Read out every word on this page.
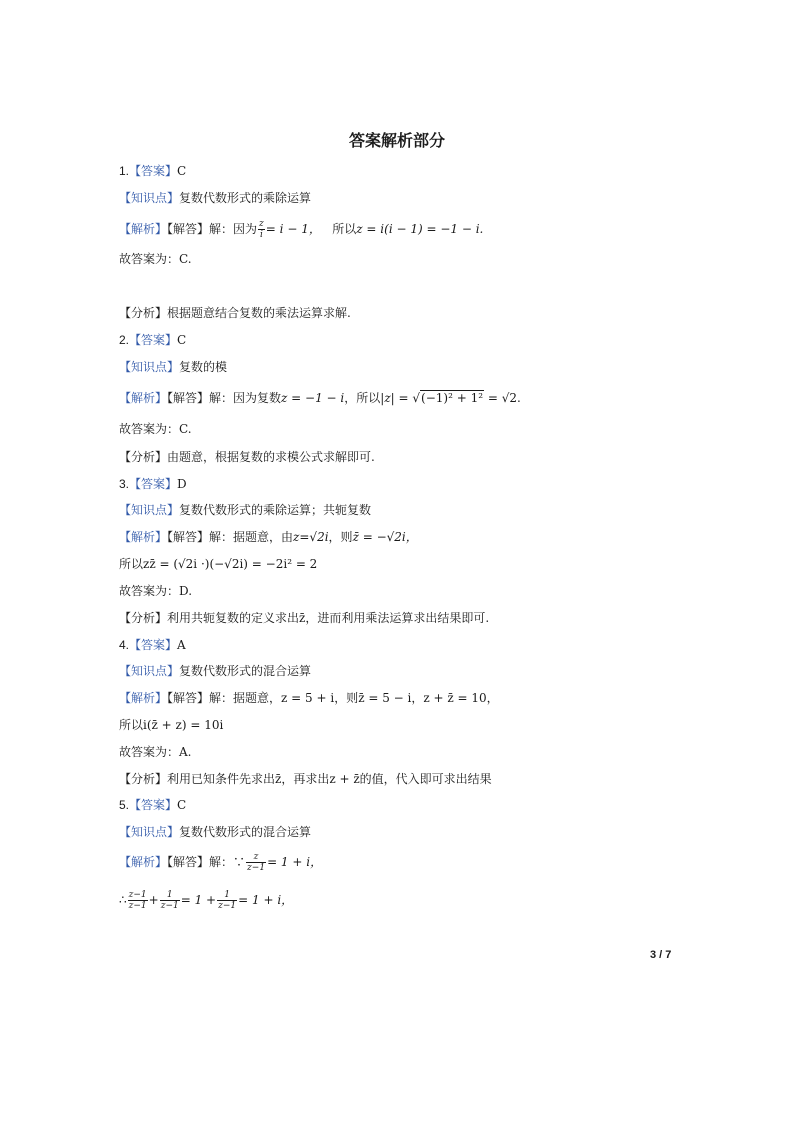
答案解析部分
1.【答案】C
【知识点】复数代数形式的乘除运算
【解析】【解答】解：因为 $\frac{z}{i} = i - 1$， 所以z = i(i − 1) = −1 − i.
故答案为：C.
【分析】根据题意结合复数的乘法运算求解.
2.【答案】C
【知识点】复数的模
【解析】【解答】解：因为复数z = −1 − i，所以|z| = √(−1)² + 1² = √2.
故答案为：C.
【分析】由题意，根据复数的求模公式求解即可.
3.【答案】D
【知识点】复数代数形式的乘除运算；共轭复数
【解析】【解答】解：据题意，由z=√2i，则z̄ = −√2i，
所以zz̄ = (√2i ·)(−√2i) = −2i² = 2
故答案为：D.
【分析】利用共轭复数的定义求出z̄，进而利用乘法运算求出结果即可.
4.【答案】A
【知识点】复数代数形式的混合运算
【解析】【解答】解：据题意，z = 5 + i，则z̄ = 5 − i，z + z̄ = 10，
所以i(z̄ + z) = 10i
故答案为：A.
【分析】利用已知条件先求出z̄，再求出z + z̄的值，代入即可求出结果
5.【答案】C
【知识点】复数代数形式的混合运算
【解析】【解答】解：∵ $\frac{z}{z-1} = 1 + i$，
∴ $\frac{z-1}{z-1} + \frac{1}{z-1} = 1 + \frac{1}{z-1} = 1 + i$，
3 / 7
